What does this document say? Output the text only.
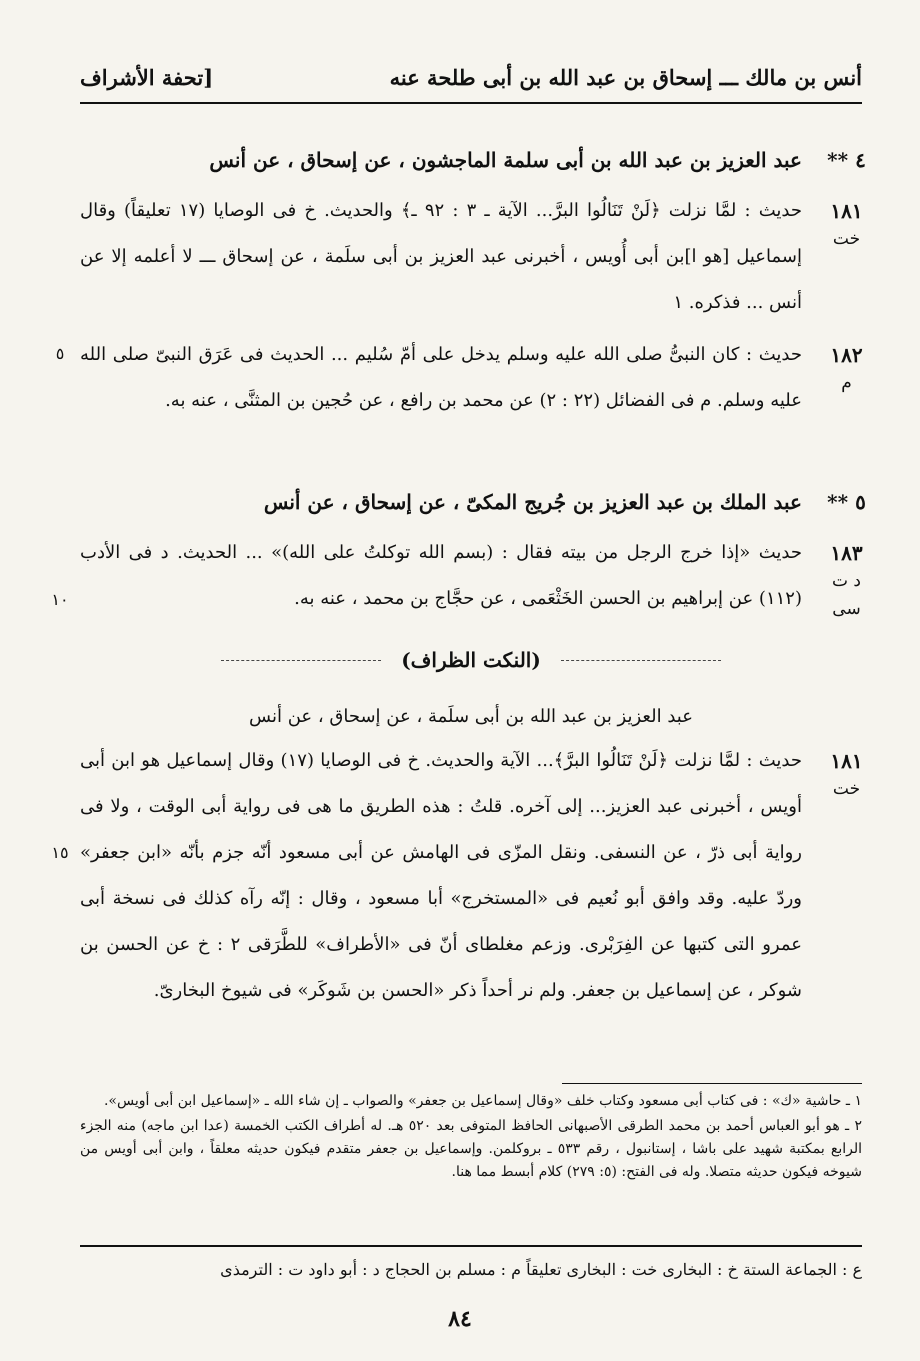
أنس بن مالك ـــ إسحاق بن عبد الله بن أبى طلحة عنه
[تحفة الأشراف
٤ **
عبد العزيز بن عبد الله بن أبى سلمة الماجشون ، عن إسحاق ، عن أنس
١٨١
خت
حديث : لمَّا نزلت ﴿لَنْ تَنَالُوا البرَّ... الآية ـ ٣ : ٩٢ ـ﴾ والحديث. خ فى الوصايا (١٧ تعليقاً) وقال إسماعيل [هو ا]بن أبى أُويس ، أخبرنى عبد العزيز بن أبى سلَمة ، عن إسحاق ـــ لا أعلمه إلا عن أنس ... فذكره. ١
١٨٢
م
٥ حديث : كان النبىُّ صلى الله عليه وسلم يدخل على أمّ سُليم ... الحديث فى عَرَق النبىّ صلى الله عليه وسلم. م فى الفضائل (٢٢ : ٢) عن محمد بن رافع ، عن حُجين بن المثنَّى ، عنه به.
٥ **
عبد الملك بن عبد العزيز بن جُريج المكىّ ، عن إسحاق ، عن أنس
١٨٣
د ت سى
١٠
حديث «إذا خرج الرجل من بيته فقال : (بسم الله توكلتُ على الله)» ... الحديث. د فى الأدب (١١٢) عن إبراهيم بن الحسن الخَثْعَمى ، عن حجَّاج بن محمد ، عنه به.
(النكت الظراف)
عبد العزيز بن عبد الله بن أبى سلَمة ، عن إسحاق ، عن أنس
١٨١
خت
١٥
حديث : لمَّا نزلت ﴿لَنْ تَنَالُوا البرَّ﴾... الآية والحديث. خ فى الوصايا (١٧) وقال إسماعيل هو ابن أبى أويس ، أخبرنى عبد العزيز... إلى آخره. قلتُ : هذه الطريق ما هى فى رواية أبى الوقت ، ولا فى رواية أبى ذرّ ، عن النسفى. ونقل المزّى فى الهامش عن أبى مسعود أنّه جزم بأنّه «ابن جعفر» وردّ عليه. وقد وافق أبو نُعيم فى «المستخرج» أبا مسعود ، وقال : إنّه رآه كذلك فى نسخة أبى عمرو التى كتبها عن الفِرَبْرى. وزعم مغلطاى أنّ فى «الأطراف» للطَّرَقى ٢ : خ عن الحسن بن شوكر ، عن إسماعيل بن جعفر. ولم نر أحداً ذكر «الحسن بن شَوكَر» فى شيوخ البخارىّ.

١ ـ حاشية «ك» : فى كتاب أبى مسعود وكتاب خلف «وقال إسماعيل بن جعفر» والصواب ـ إن شاء الله ـ «إسماعيل ابن أبى أويس».

٢ ـ هو أبو العباس أحمد بن محمد الطرقى الأصبهانى الحافظ المتوفى بعد ٥٢٠ هـ. له أطراف الكتب الخمسة (عدا ابن ماجه) منه الجزء الرابع بمكتبة شهيد على باشا ، إستانبول ، رقم ٥٣٣ ـ بروكلمن. وإسماعيل بن جعفر متقدم فيكون حديثه معلقاً ، وابن أبى أويس من شيوخه فيكون حديثه متصلا. وله فى الفتح: (٥: ٢٧٩) كلام أبسط مما هنا.

ع : الجماعة الستة خ : البخارى خت : البخارى تعليقاً م : مسلم بن الحجاج د : أبو داود ت : الترمذى
٨٤
